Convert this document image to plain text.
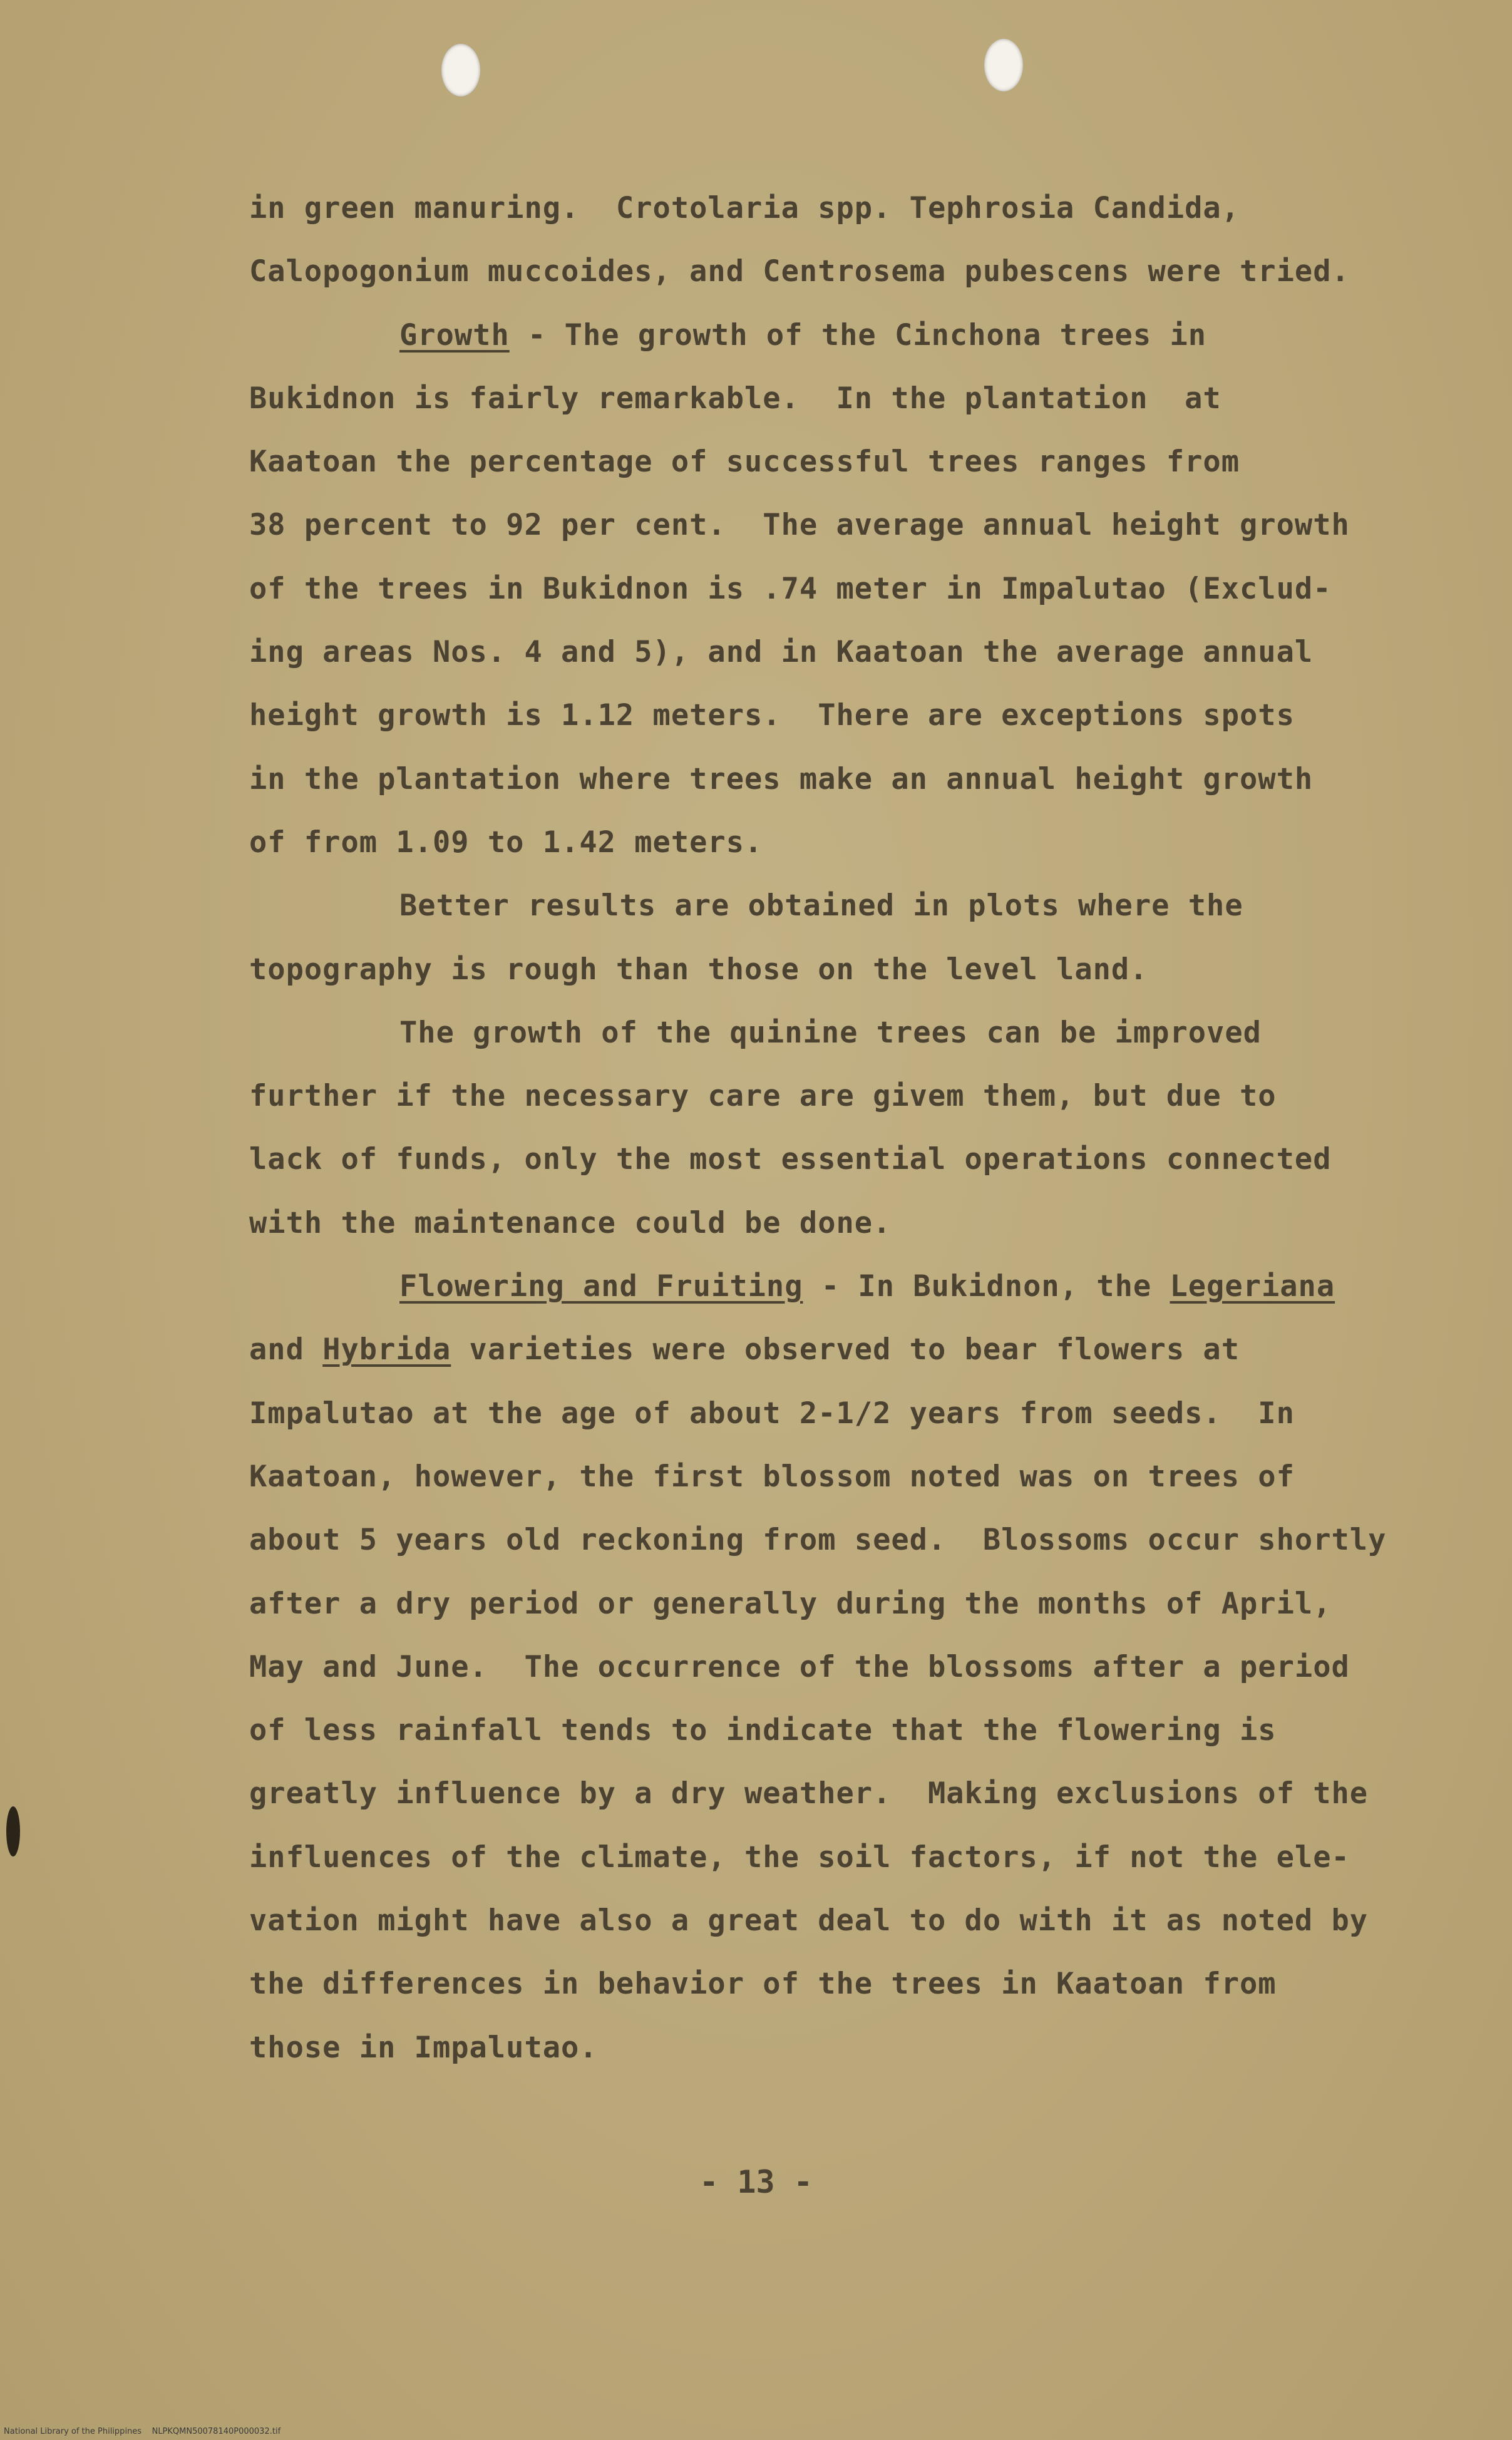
in green manuring.  Crotolaria spp. Tephrosia Candida,
Calopogonium muccoides, and Centrosema pubescens were tried.
Growth - The growth of the Cinchona trees in
Bukidnon is fairly remarkable.  In the plantation  at
Kaatoan the percentage of successful trees ranges from
38 percent to 92 per cent.  The average annual height growth
of the trees in Bukidnon is .74 meter in Impalutao (Exclud-
ing areas Nos. 4 and 5), and in Kaatoan the average annual
height growth is 1.12 meters.  There are exceptions spots
in the plantation where trees make an annual height growth
of from 1.09 to 1.42 meters.
Better results are obtained in plots where the
topography is rough than those on the level land.
The growth of the quinine trees can be improved
further if the necessary care are givem them, but due to
lack of funds, only the most essential operations connected
with the maintenance could be done.
Flowering and Fruiting - In Bukidnon, the Legeriana
and Hybrida varieties were observed to bear flowers at
Impalutao at the age of about 2-1/2 years from seeds.  In
Kaatoan, however, the first blossom noted was on trees of
about 5 years old reckoning from seed.  Blossoms occur shortly
after a dry period or generally during the months of April,
May and June.  The occurrence of the blossoms after a period
of less rainfall tends to indicate that the flowering is
greatly influence by a dry weather.  Making exclusions of the
influences of the climate, the soil factors, if not the ele-
vation might have also a great deal to do with it as noted by
the differences in behavior of the trees in Kaatoan from
those in Impalutao.
- 13 -
National Library of the Philippines    NLPKQMN50078140P000032.tif
